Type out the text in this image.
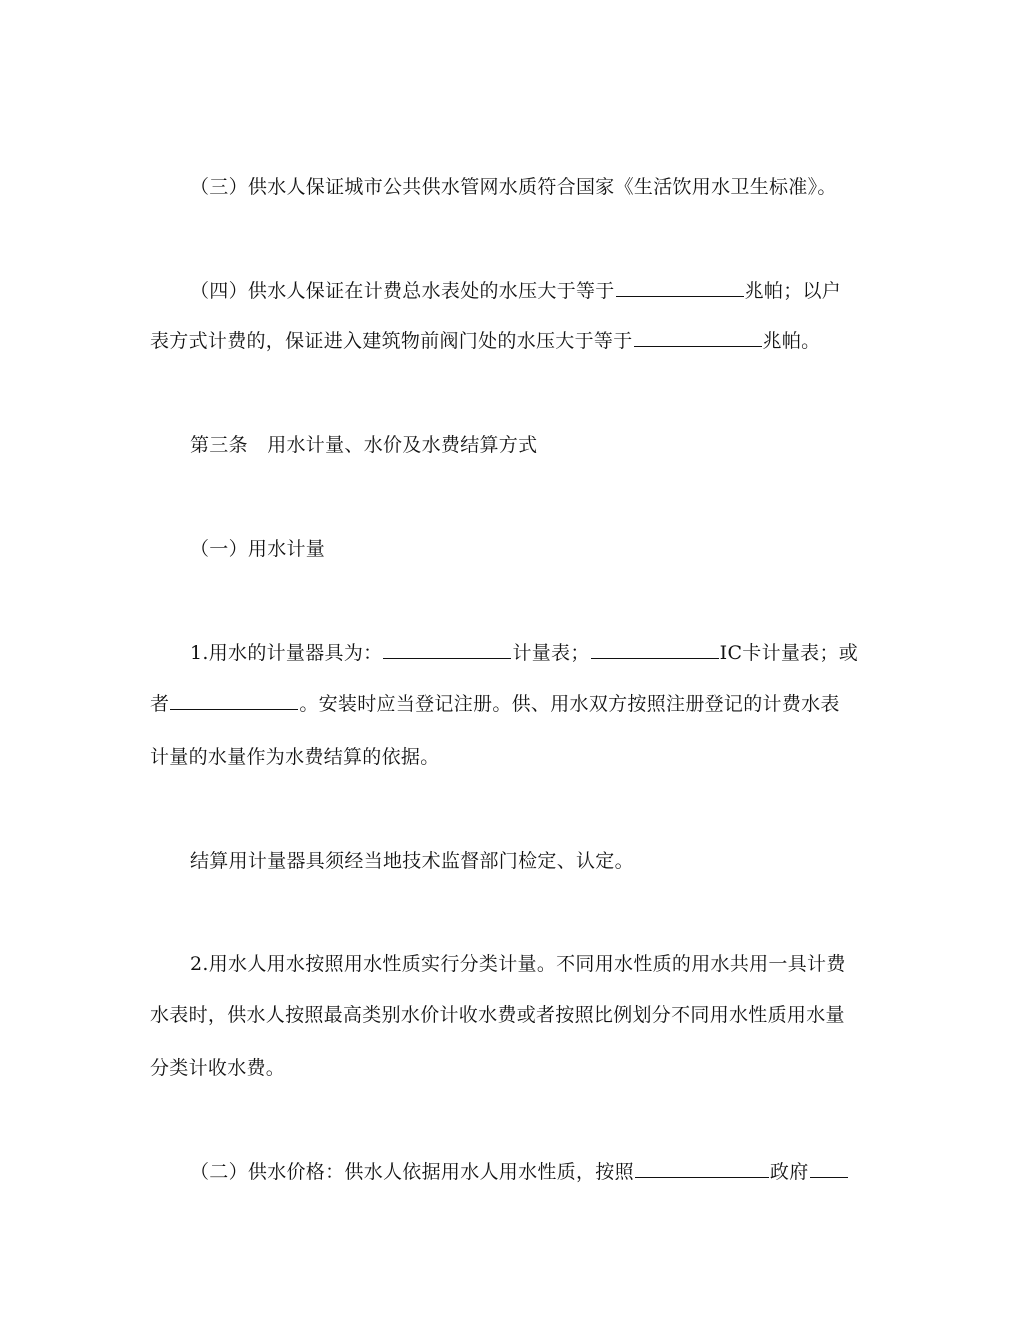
（三）供水人保证城市公共供水管网水质符合国家《生活饮用水卫生标准》。
（四）供水人保证在计费总水表处的水压大于等于	兆帕；以户
表方式计费的，保证进入建筑物前阀门处的水压大于等于	兆帕。
第三条　用水计量、水价及水费结算方式
（一）用水计量
1.用水的计量器具为：	计量表；	IC卡计量表；或
者	。安装时应当登记注册。供、用水双方按照注册登记的计费水表
计量的水量作为水费结算的依据。
结算用计量器具须经当地技术监督部门检定、认定。
2.用水人用水按照用水性质实行分类计量。不同用水性质的用水共用一具计费
水表时，供水人按照最高类别水价计收水费或者按照比例划分不同用水性质用水量
分类计收水费。
（二）供水价格：供水人依据用水人用水性质，按照	政府
